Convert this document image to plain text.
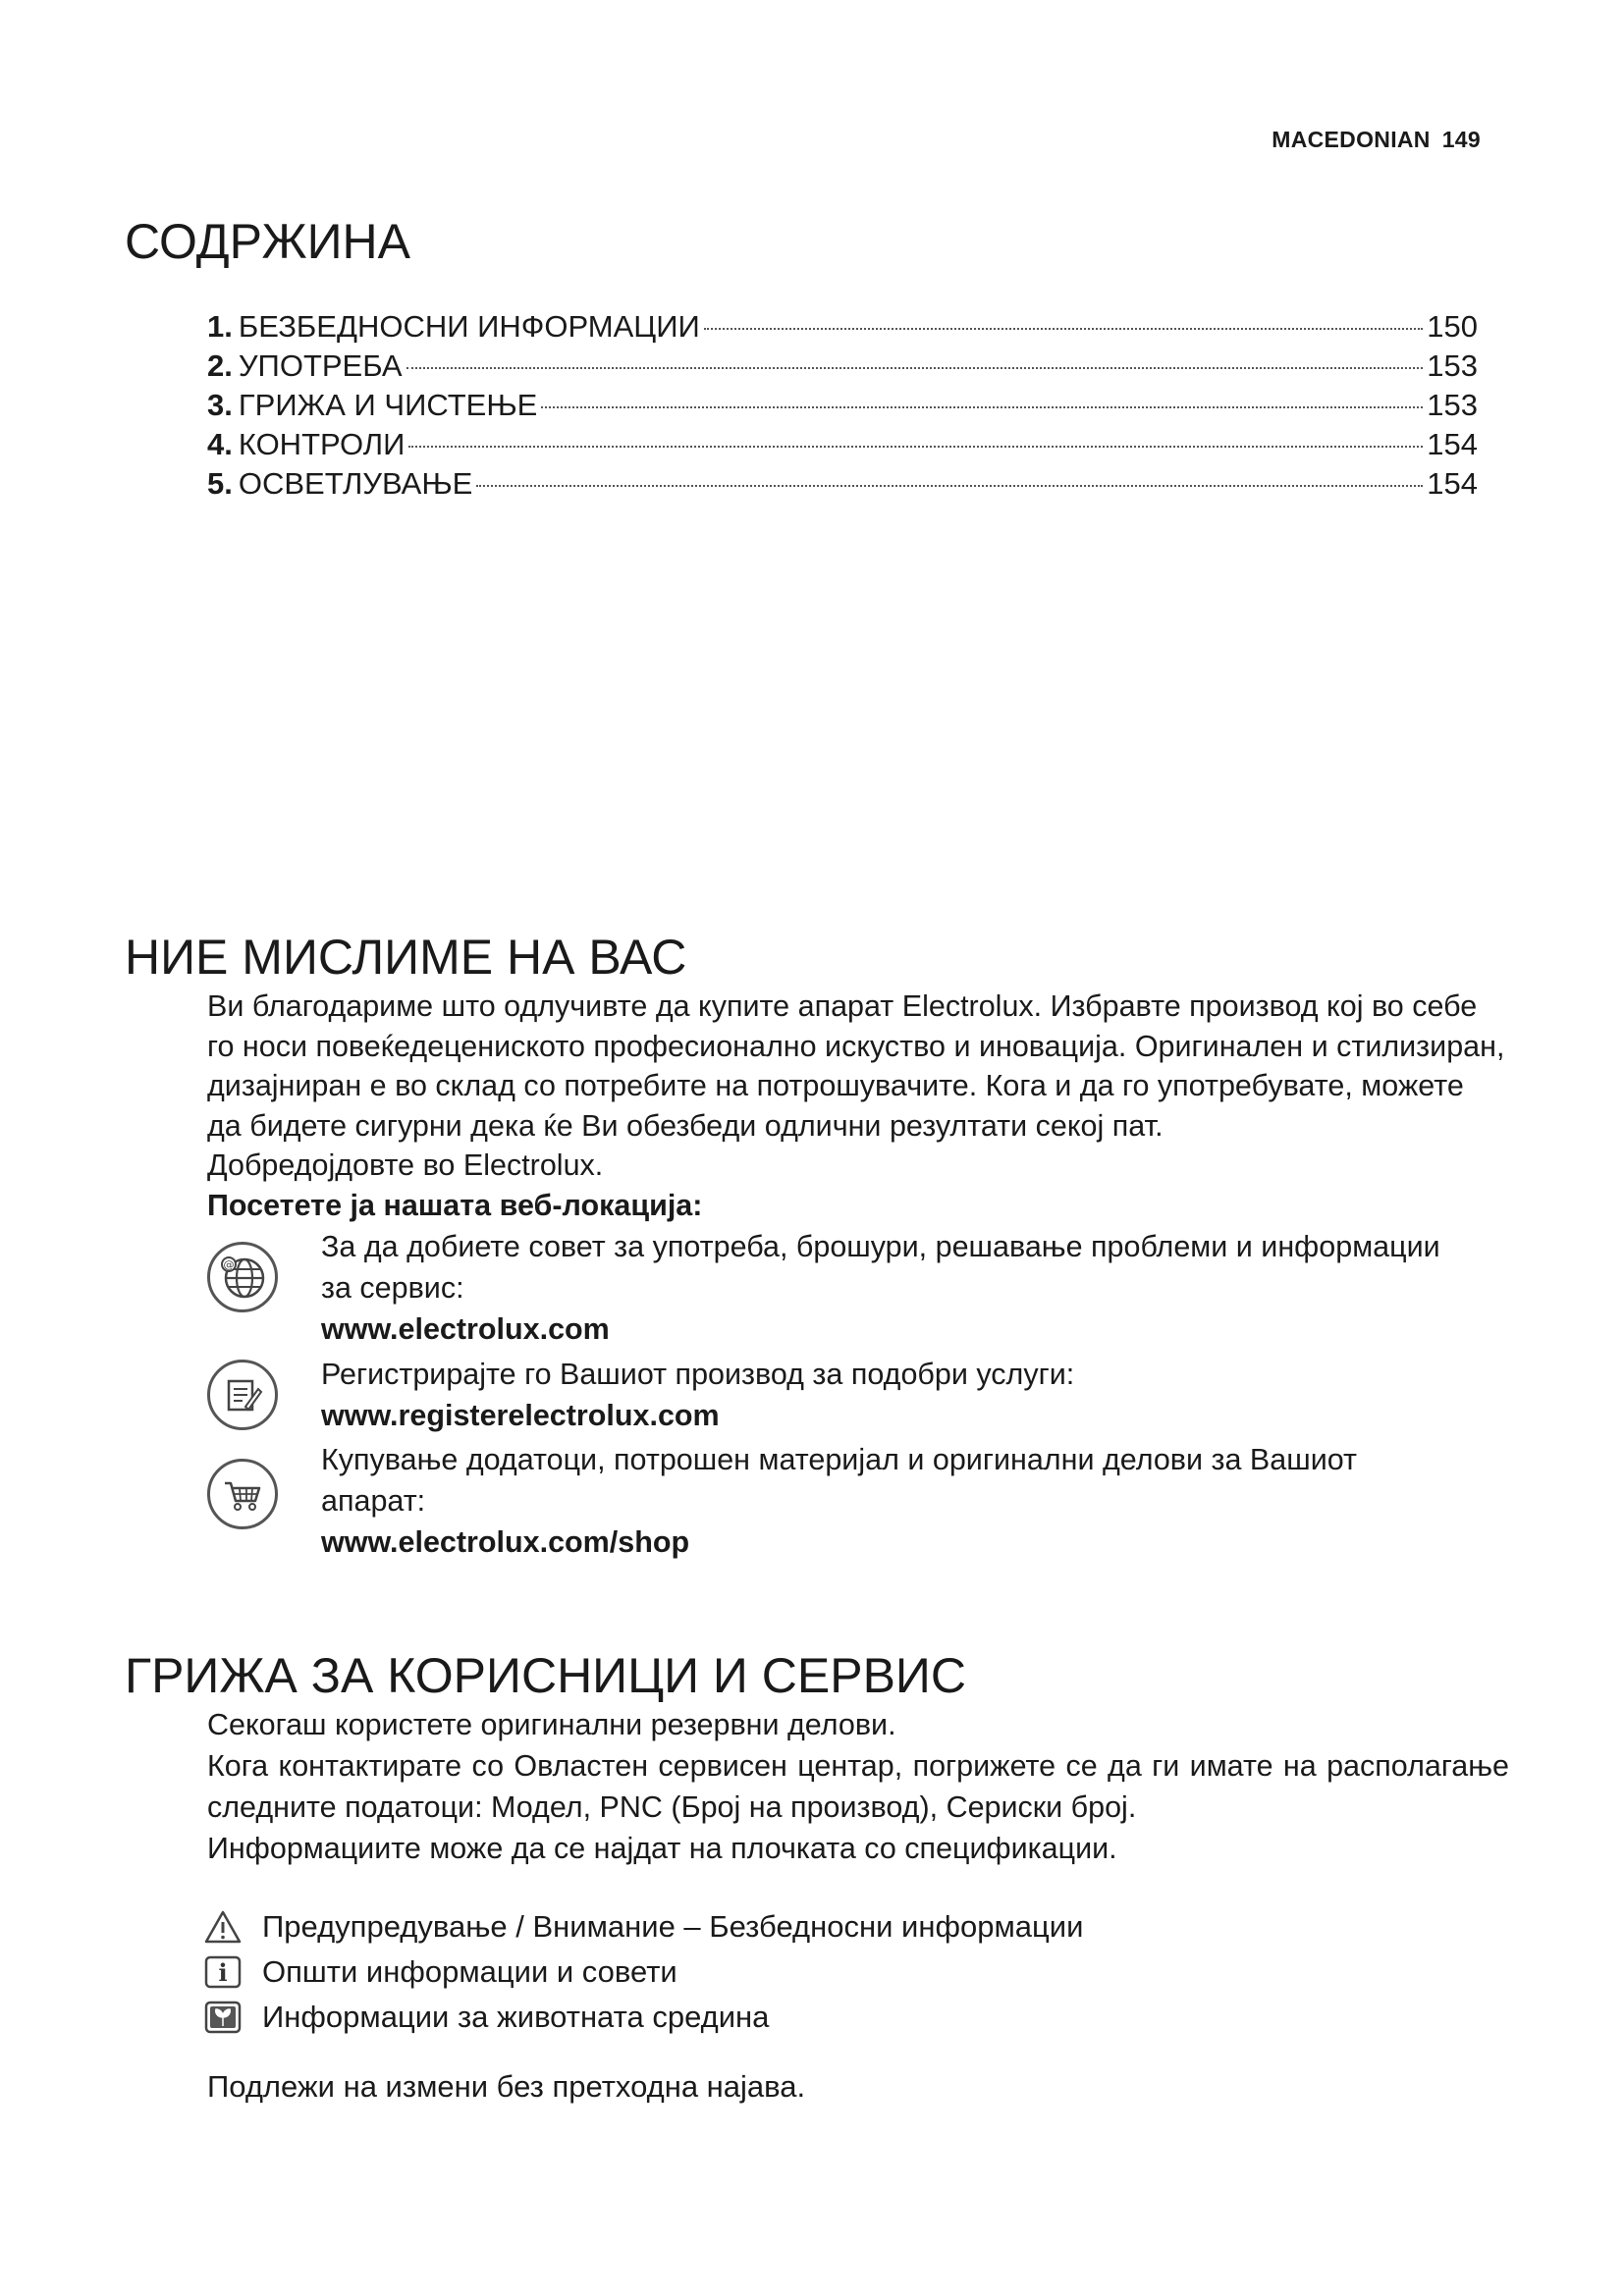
MACEDONIAN 149
СОДРЖИНА
1. БЕЗБЕДНОСНИ ИНФОРМАЦИИ	150
2. УПОТРЕБА	153
3. ГРИЖА И ЧИСТЕЊЕ	153
4. КОНТРОЛИ	154
5. ОСВЕТЛУВАЊЕ	154
НИЕ МИСЛИМЕ НА ВАС

Ви благодариме што одлучивте да купите апарат Electrolux. Избравте производ кој во себе

го носи повеќедецениското професионално искуство и иновација. Оригинален и стилизиран,

дизајниран е во склад со потребите на потрошувачите. Кога и да го употребувате, можете

да бидете сигурни дека ќе Ви обезбеди одлични резултати секој пат.

Добредојдовте во Electrolux.

Посетете ја нашата веб-локација:

@
За да добиете совет за употреба, брошури, решавање проблеми и информации
за сервис:
www.electrolux.com
Регистрирајте го Вашиот производ за подобри услуги:
www.registerelectrolux.com
Купување додатоци, потрошен материјал и оригинални делови за Вашиот
апарат:
www.electrolux.com/shop
ГРИЖА ЗА КОРИСНИЦИ И СЕРВИС

Секогаш користете оригинални резервни делови.

Кога контактирате со Овластен сервисен центар, погрижете се да ги имате на располагање следните податоци: Модел, PNC (Број на производ), Сериски број.

Информациите може да се најдат на плочката со спецификации.

Предупредување / Внимание – Безбедносни информации
i Општи информации и совети
Информации за животната средина
Подлежи на измени без претходна најава.
